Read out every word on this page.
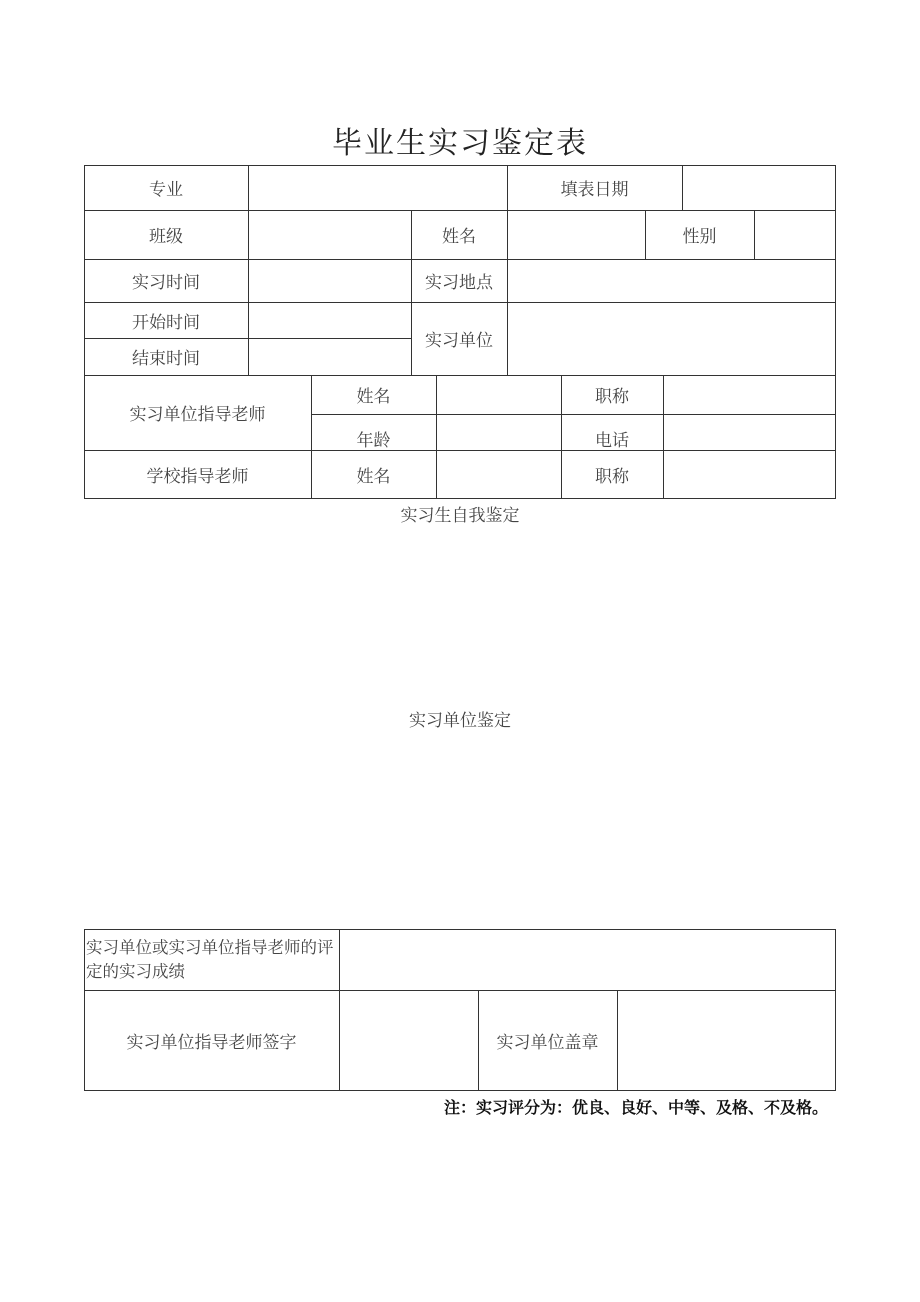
毕业生实习鉴定表
专业	填表日期
班级	姓名	性别
实习时间	实习地点
开始时间
结束时间
实习单位
实习单位指导老师
姓名	职称
年龄	电话
学校指导老师	姓名	职称
实习生自我鉴定
实习单位鉴定
实习单位或实习单位指导老师的评定的实习成绩
实习单位指导老师签字	实习单位盖章
注：实习评分为：优良、良好、中等、及格、不及格。
